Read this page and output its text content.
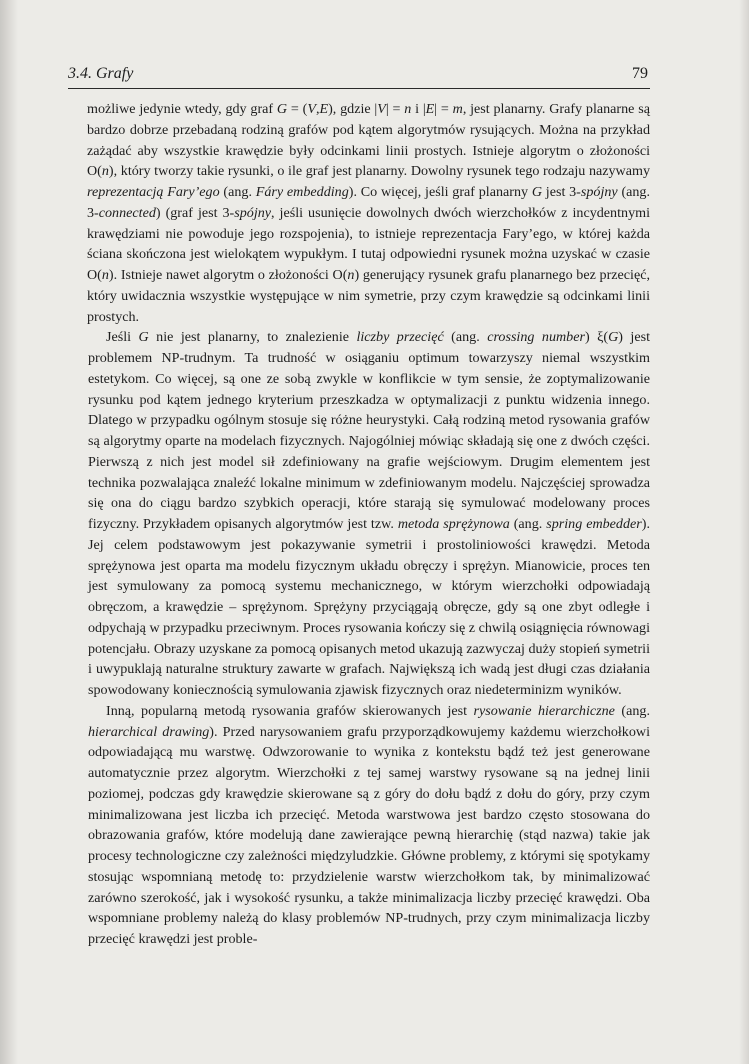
3.4. Grafy	79

możliwe jedynie wtedy, gdy graf G = (V,E), gdzie |V| = n i |E| = m, jest planarny. Grafy planarne są bardzo dobrze przebadaną rodziną grafów pod kątem algorytmów rysujących. Można na przykład zażądać aby wszystkie krawędzie były odcinkami linii prostych. Istnieje algorytm o złożoności O(n), który tworzy takie rysunki, o ile graf jest planarny. Dowolny rysunek tego rodzaju nazywamy reprezentacją Fary’ego (ang. Fáry embedding). Co więcej, jeśli graf planarny G jest 3-spójny (ang. 3-connected) (graf jest 3-spójny, jeśli usunięcie dowolnych dwóch wierzchołków z incydentnymi krawędziami nie powoduje jego rozspojenia), to istnieje reprezentacja Fary’ego, w której każda ściana skończona jest wielokątem wypukłym. I tutaj odpowiedni rysunek można uzyskać w czasie O(n). Istnieje nawet algorytm o złożoności O(n) generujący rysunek grafu planarnego bez przecięć, który uwidaczniа wszystkie występujące w nim symetrie, przy czym krawędzie są odcinkami linii prostych.

Jeśli G nie jest planarny, to znalezienie liczby przecięć (ang. crossing number) ξ(G) jest problemem NP-trudnym. Ta trudność w osiąganiu optimum towarzyszy niemal wszystkim estetykom. Co więcej, są one ze sobą zwykle w konflikcie w tym sensie, że zoptymalizowanie rysunku pod kątem jednego kryterium przeszkadza w optymalizacji z punktu widzenia innego. Dlatego w przypadku ogólnym stosuje się różne heurystyki. Całą rodziną metod rysowania grafów są algorytmy oparte na modelach fizycznych. Najogólniej mówiąc składają się one z dwóch części. Pierwszą z nich jest model sił zdefiniowany na grafie wejściowym. Drugim elementem jest technika pozwalająca znaleźć lokalne minimum w zdefiniowanym modelu. Najczęściej sprowadza się ona do ciągu bardzo szybkich operacji, które starają się symulować modelowany proces fizyczny. Przykładem opisanych algorytmów jest tzw. metoda sprężynowa (ang. spring embedder). Jej celem podstawowym jest pokazywanie symetrii i prostoliniowości krawędzi. Metoda sprężynowa jest oparta ma modelu fizycznym układu obręczy i sprężyn. Mianowicie, proces ten jest symulowany za pomocą systemu mechanicznego, w którym wierzchołki odpowiadają obręczom, a krawędzie – sprężynom. Sprężyny przyciągają obręcze, gdy są one zbyt odległe i odpychają w przypadku przeciwnym. Proces rysowania kończy się z chwilą osiągnięcia równowagi potencjału. Obrazy uzyskane za pomocą opisanych metod ukazują zazwyczaj duży stopień symetrii i uwypuklają naturalne struktury zawarte w grafach. Największą ich wadą jest długi czas działania spowodowany koniecznością symulowania zjawisk fizycznych oraz niedeterminizm wyników.

Inną, popularną metodą rysowania grafów skierowanych jest rysowanie hierarchiczne (ang. hierarchical drawing). Przed narysowaniem grafu przyporządkowujemy każdemu wierzchołkowi odpowiadającą mu warstwę. Odwzorowanie to wynika z kontekstu bądź też jest generowane automatycznie przez algorytm. Wierzchołki z tej samej warstwy rysowane są na jednej linii poziomej, podczas gdy krawędzie skierowane są z góry do dołu bądź z dołu do góry, przy czym minimalizowana jest liczba ich przecięć. Metoda warstwowa jest bardzo często stosowana do obrazowania grafów, które modelują dane zawierające pewną hierarchię (stąd nazwa) takie jak procesy technologiczne czy zależności międzyludzkie. Główne problemy, z którymi się spotykamy stosując wspomnianą metodę to: przydzielenie warstw wierzchołkom tak, by minimalizować zarówno szerokość, jak i wysokość rysunku, a także minimalizacja liczby przecięć krawędzi. Oba wspomniane problemy należą do klasy problemów NP-trudnych, przy czym minimalizacja liczby przecięć krawędzi jest proble-
